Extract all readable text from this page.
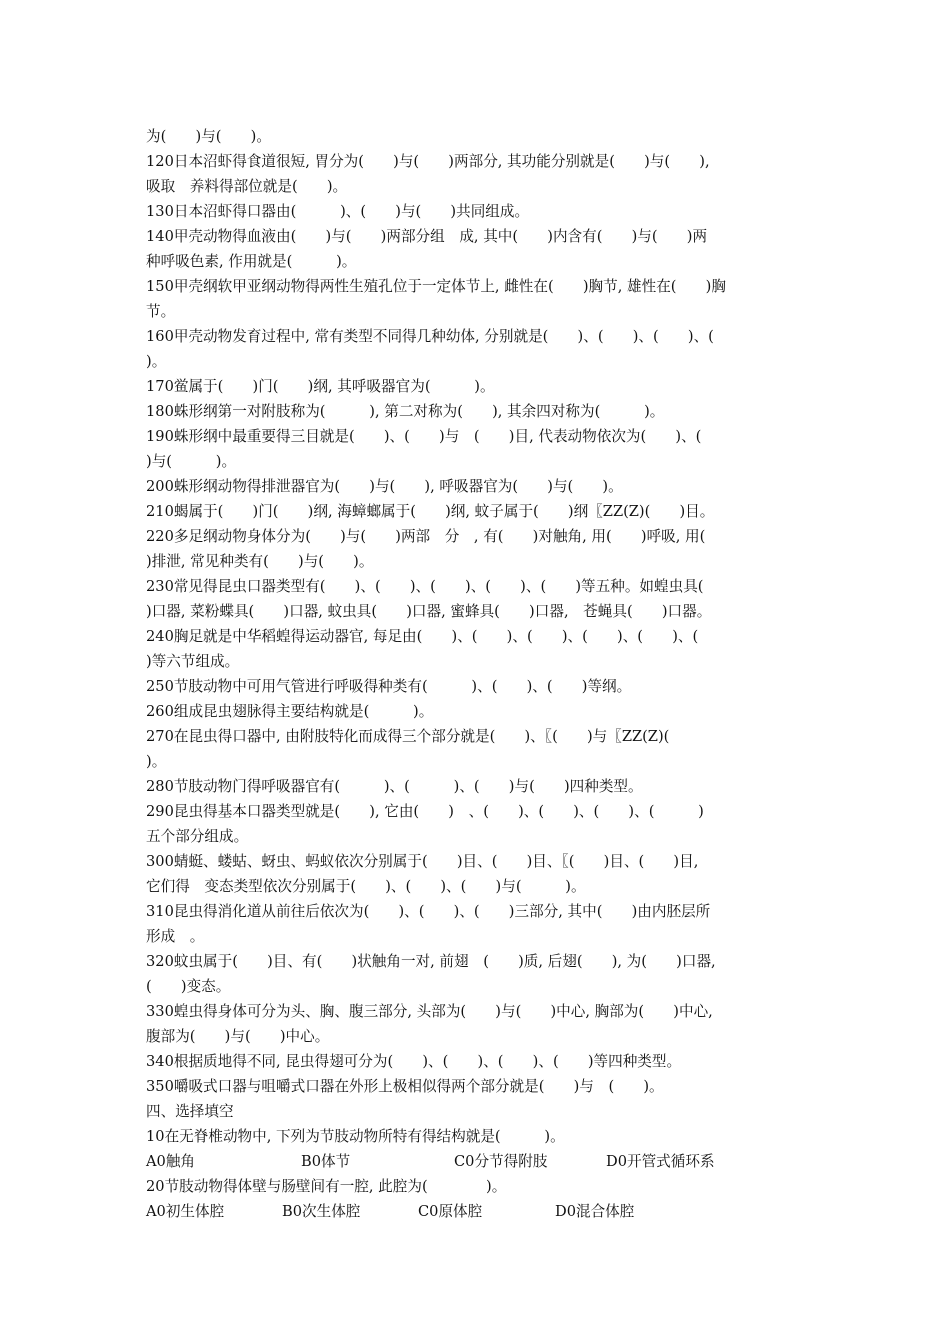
为(　　)与(　　)。
120日本沼虾得食道很短, 胃分为(　　)与(　　)两部分, 其功能分别就是(　　)与(　　),
吸取　养料得部位就是(　　)。
130日本沼虾得口器由(　　　)、(　　)与(　　)共同组成。
140甲壳动物得血液由(　　)与(　　)两部分组　成, 其中(　　)内含有(　　)与(　　)两
种呼吸色素, 作用就是(　　　)。
150甲壳纲软甲亚纲动物得两性生殖孔位于一定体节上, 雌性在(　　)胸节, 雄性在(　　)胸
节。
160甲壳动物发育过程中, 常有类型不同得几种幼体, 分别就是(　　)、(　　)、(　　)、(
)。
170鲎属于(　　)门(　　)纲, 其呼吸器官为(　　　)。
180蛛形纲第一对附肢称为(　　　), 第二对称为(　　), 其余四对称为(　　　)。
190蛛形纲中最重要得三目就是(　　)、(　　)与　(　　)目, 代表动物依次为(　　)、(
)与(　　　)。
200蛛形纲动物得排泄器官为(　　)与(　　), 呼吸器官为(　　)与(　　)。
210蝎属于(　　)门(　　)纲, 海蟑螂属于(　　)纲, 蚊子属于(　　)纲〖ZZ(Z)(　　)目。
220多足纲动物身体分为(　　)与(　　)两部　分　, 有(　　)对触角, 用(　　)呼吸, 用(
)排泄, 常见种类有(　　)与(　　)。
230常见得昆虫口器类型有(　　)、(　　)、(　　)、(　　)、(　　)等五种。如蝗虫具(
)口器, 菜粉蝶具(　　)口器, 蚊虫具(　　)口器, 蜜蜂具(　　)口器,　苍蝇具(　　)口器。
240胸足就是中华稻蝗得运动器官, 每足由(　　)、(　　)、(　　)、(　　)、(　　)、(
)等六节组成。
250节肢动物中可用气管进行呼吸得种类有(　　　)、(　　)、(　　)等纲。
260组成昆虫翅脉得主要结构就是(　　　)。
270在昆虫得口器中, 由附肢特化而成得三个部分就是(　　)、〖(　　)与〖ZZ(Z)(
)。
280节肢动物门得呼吸器官有(　　　)、(　　　)、(　　)与(　　)四种类型。
290昆虫得基本口器类型就是(　　), 它由(　　)　、(　　)、(　　)、(　　)、(　　　)
五个部分组成。
300蜻蜓、蝼蛄、蚜虫、蚂蚁依次分别属于(　　)目、(　　)目、〖(　　)目、(　　)目,
它们得　变态类型依次分别属于(　　)、(　　)、(　　)与(　　　)。
310昆虫得消化道从前往后依次为(　　)、(　　)、(　　)三部分, 其中(　　)由内胚层所
形成　。
320蚊虫属于(　　)目、有(　　)状触角一对, 前翅　(　　)质, 后翅(　　), 为(　　)口器,
(　　)变态。
330蝗虫得身体可分为头、胸、腹三部分, 头部为(　　)与(　　)中心, 胸部为(　　)中心,
腹部为(　　)与(　　)中心。
340根据质地得不同, 昆虫得翅可分为(　　)、(　　)、(　　)、(　　)等四种类型。
350嚼吸式口器与咀嚼式口器在外形上极相似得两个部分就是(　　)与　(　　)。
四、选择填空
10在无脊椎动物中, 下列为节肢动物所特有得结构就是(　　　)。
A0触角	B0体节	C0分节得附肢	D0开管式循环系
20节肢动物得体壁与肠壁间有一腔, 此腔为(　　　　)。
A0初生体腔	B0次生体腔	C0原体腔	D0混合体腔
